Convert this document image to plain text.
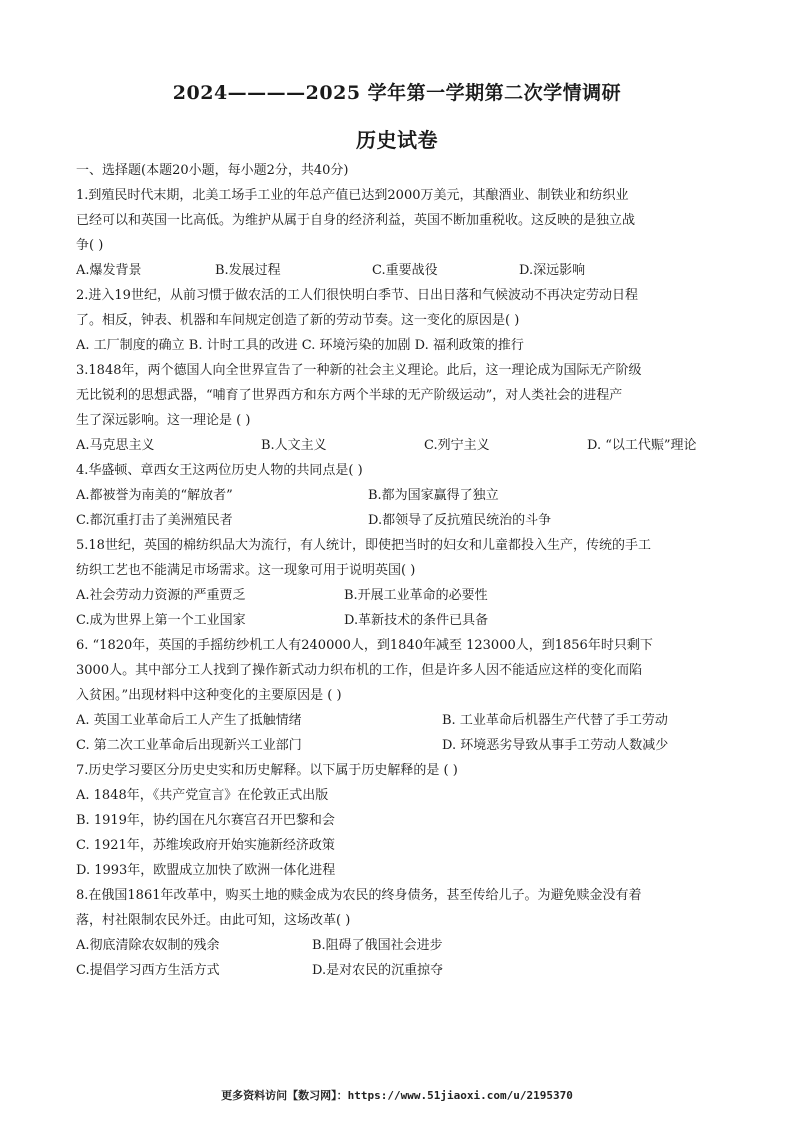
2024————2025 学年第一学期第二次学情调研
历史试卷
一、选择题(本题20小题，每小题2分，共40分)
1.到殖民时代末期，北美工场手工业的年总产值已达到2000万美元，其酿酒业、制铁业和纺织业
已经可以和英国一比高低。为维护从属于自身的经济利益，英国不断加重税收。这反映的是独立战
争( )
A.爆发背景	B.发展过程	C.重要战役	D.深远影响
2.进入19世纪，从前习惯于做农活的工人们很快明白季节、日出日落和气候波动不再决定劳动日程
了。相反，钟表、机器和车间规定创造了新的劳动节奏。这一变化的原因是( )
A. 工厂制度的确立 B. 计时工具的改进 C. 环境污染的加剧 D. 福利政策的推行
3.1848年，两个德国人向全世界宣告了一种新的社会主义理论。此后，这一理论成为国际无产阶级
无比锐利的思想武器，“哺育了世界西方和东方两个半球的无产阶级运动”，对人类社会的进程产
生了深远影响。这一理论是 ( )
A.马克思主义	B.人文主义	C.列宁主义	D. “以工代赈”理论
4.华盛顿、章西女王这两位历史人物的共同点是( )
A.都被誉为南美的“解放者”	B.都为国家赢得了独立
C.都沉重打击了美洲殖民者	D.都领导了反抗殖民统治的斗争
5.18世纪，英国的棉纺织品大为流行，有人统计，即使把当时的妇女和儿童都投入生产，传统的手工
纺织工艺也不能满足市场需求。这一现象可用于说明英国( )
A.社会劳动力资源的严重贾乏	B.开展工业革命的必要性
C.成为世界上第一个工业国家	D.革新技术的条件已具备
6. “1820年，英国的手摇纺纱机工人有240000人，到1840年减至 123000人，到1856年时只剩下
3000人。其中部分工人找到了操作新式动力织布机的工作，但是许多人因不能适应这样的变化而陷
入贫困。”出现材料中这种变化的主要原因是 ( )
A. 英国工业革命后工人产生了抵触情绪	B. 工业革命后机器生产代替了手工劳动
C. 第二次工业革命后出现新兴工业部门	D. 环境恶劣导致从事手工劳动人数减少
7.历史学习要区分历史史实和历史解释。以下属于历史解释的是 ( )
A. 1848年，《共产党宣言》在伦敦正式出版
B. 1919年，协约国在凡尔赛宫召开巴黎和会
C. 1921年，苏维埃政府开始实施新经济政策
D. 1993年，欧盟成立加快了欧洲一体化进程
8.在俄国1861年改革中，购买土地的赎金成为农民的终身债务，甚至传给儿子。为避免赎金没有着
落，村社限制农民外迁。由此可知，这场改革( )
A.彻底清除农奴制的残余	B.阻碍了俄国社会进步
C.提倡学习西方生活方式	D.是对农民的沉重掠夺
更多资料访问【数习网】：https://www.51jiaoxi.com/u/2195370
